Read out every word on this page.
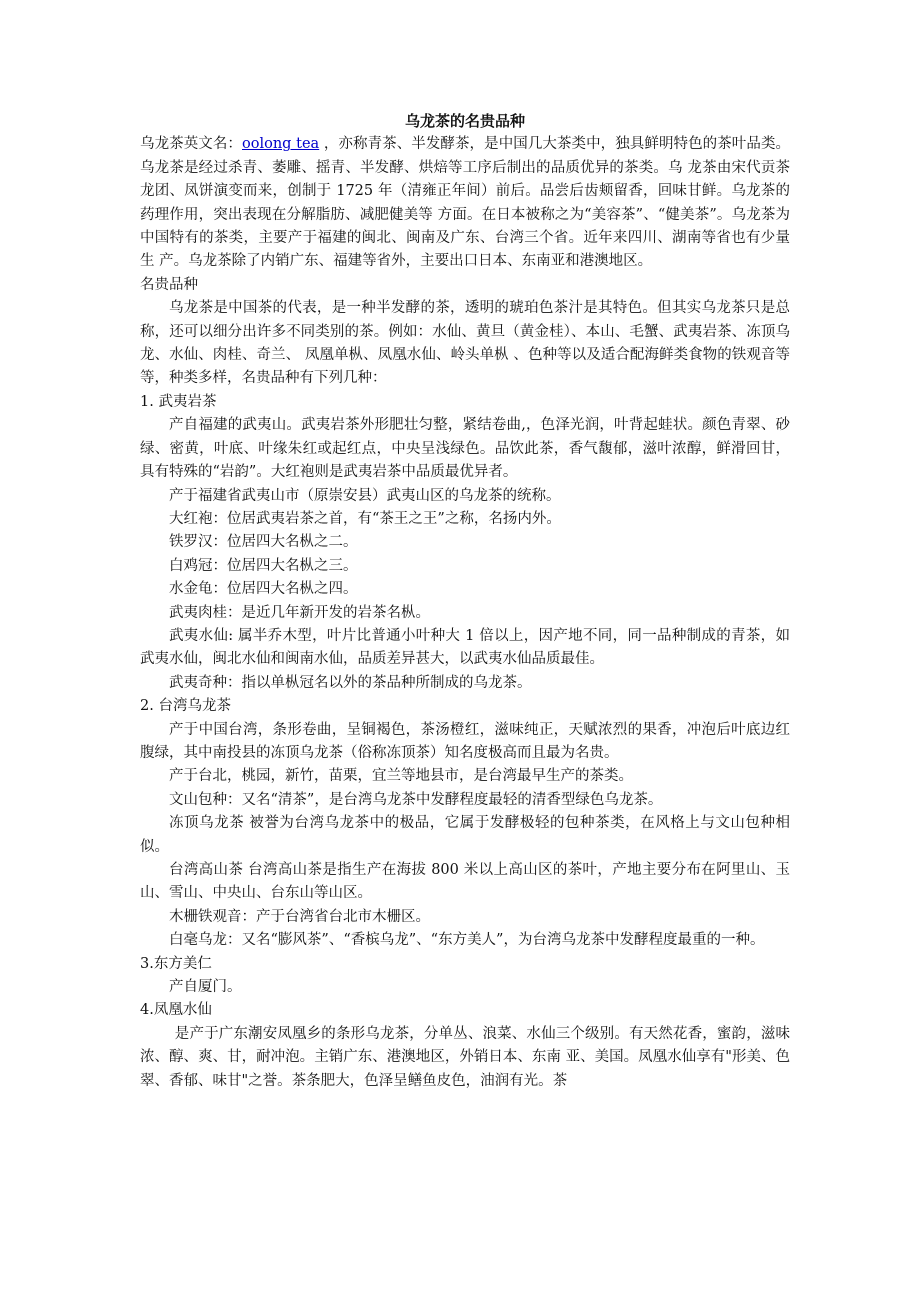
乌龙茶的名贵品种

乌龙茶英文名：oolong tea ，亦称青茶、半发酵茶，是中国几大茶类中，独具鲜明特色的茶叶品类。乌龙茶是经过杀青、萎雕、摇青、半发酵、烘焙等工序后制出的品质优异的茶类。乌 龙茶由宋代贡茶龙团、凤饼演变而来，创制于 1725 年（清雍正年间）前后。品尝后齿颊留香，回味甘鲜。乌龙茶的药理作用，突出表现在分解脂肪、减肥健美等 方面。在日本被称之为“美容茶”、“健美茶”。乌龙茶为中国特有的茶类，主要产于福建的闽北、闽南及广东、台湾三个省。近年来四川、湖南等省也有少量生 产。乌龙茶除了内销广东、福建等省外，主要出口日本、东南亚和港澳地区。

名贵品种

乌龙茶是中国茶的代表，是一种半发酵的茶，透明的琥珀色茶汁是其特色。但其实乌龙茶只是总称，还可以细分出许多不同类别的茶。例如：水仙、黄旦（黄金桂）、本山、毛蟹、武夷岩茶、冻顶乌龙、水仙、肉桂、奇兰、 凤凰单枞、凤凰水仙、岭头单枞 、色种等以及适合配海鲜类食物的铁观音等等，种类多样，名贵品种有下列几种：

1. 武夷岩茶

产自福建的武夷山。武夷岩茶外形肥壮匀整，紧结卷曲,，色泽光润，叶背起蛙状。颜色青翠、砂绿、密黄，叶底、叶缘朱红或起红点，中央呈浅绿色。品饮此茶，香气馥郁，滋叶浓醇，鲜滑回甘，具有特殊的“岩韵”。大红袍则是武夷岩茶中品质最优异者。

产于福建省武夷山市（原崇安县）武夷山区的乌龙茶的统称。

大红袍：位居武夷岩茶之首，有“茶王之王”之称，名扬内外。

铁罗汉：位居四大名枞之二。

白鸡冠：位居四大名枞之三。

水金龟：位居四大名枞之四。

武夷肉桂：是近几年新开发的岩茶名枞。

武夷水仙: 属半乔木型，叶片比普通小叶种大 1 倍以上，因产地不同，同一品种制成的青茶，如武夷水仙，闽北水仙和闽南水仙，品质差异甚大，以武夷水仙品质最佳。

武夷奇种：指以单枞冠名以外的茶品种所制成的乌龙茶。

2. 台湾乌龙茶

产于中国台湾，条形卷曲，呈铜褐色，茶汤橙红，滋味纯正，天赋浓烈的果香，冲泡后叶底边红腹绿，其中南投县的冻顶乌龙茶（俗称冻顶茶）知名度极高而且最为名贵。

产于台北，桃园，新竹，苗栗，宜兰等地县市，是台湾最早生产的茶类。

文山包种：又名“清茶”，是台湾乌龙茶中发酵程度最轻的清香型绿色乌龙茶。

冻顶乌龙茶 被誉为台湾乌龙茶中的极品，它属于发酵极轻的包种茶类，在风格上与文山包种相似。

台湾高山茶 台湾高山茶是指生产在海拔 800 米以上高山区的茶叶，产地主要分布在阿里山、玉山、雪山、中央山、台东山等山区。

木栅铁观音：产于台湾省台北市木栅区。

白毫乌龙：又名“膨风茶”、“香槟乌龙”、“东方美人”，为台湾乌龙茶中发酵程度最重的一种。

3.东方美仁

产自厦门。

4.凤凰水仙

是产于广东潮安凤凰乡的条形乌龙茶，分单丛、浪菜、水仙三个级别。有天然花香，蜜韵，滋味浓、醇、爽、甘，耐冲泡。主销广东、港澳地区，外销日本、东南 亚、美国。凤凰水仙享有"形美、色翠、香郁、味甘"之誉。茶条肥大，色泽呈鳝鱼皮色，油润有光。茶
